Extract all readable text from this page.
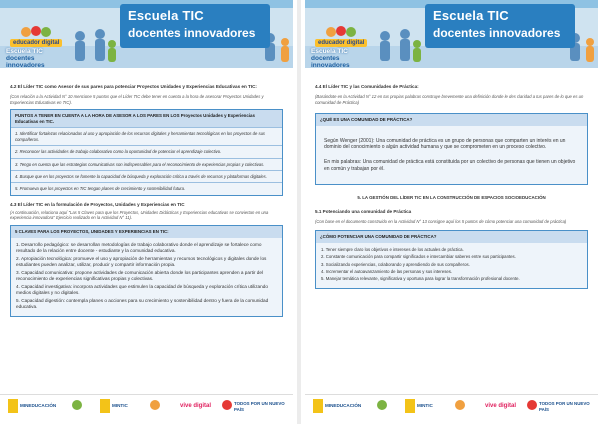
Escuela TIC
docentes innovadores
educador digital
Escuela TIC
docentes innovadores
4.2 El Líder TIC como Asesor de sus pares para potenciar Proyectos Unidades y Experiencias Educativas en TIC:
(Con relación a la Actividad N° 10 mencione 5 puntos que el Líder TIC debe tener en cuenta a la hora de asesorar Proyectos Unidades y Experiencias Educativas en TIC).
PUNTOS A TENER EN CUENTA A LA HORA DE ASESOR A LOS PARES EN LOS Proyectos Unidades y Experiencias Educativas en TIC.
1. Identificar fortalezas relacionadas al uso y apropiación de los recursos digitales y herramientas tecnológicas en los proyectos de sus compañeros.
2. Reconocer las actividades de trabajo colaborativo como la oportunidad de potenciar el aprendizaje colectivo.
3. Tengo en cuenta que las estrategias comunicativas son indispensables para el reconocimiento de experiencias propias y colectivas.
4. Busque que en los proyectos se fomente la capacidad de búsqueda y exploración crítica a través de recursos y plataformas digitales.
5. Promueva que los proyectos en TIC tengan planes de crecimiento y sostenibilidad futura.
4.3 El Líder TIC en la formulación de Proyectos, Unidades y Experiencias en TIC
(A continuación, relaciona aquí "Las 5 Claves para que los Proyectos, Unidades Didácticas y Experiencias educativas se conviertan en una experiencia innovadora" Ejercicio realizado en la Actividad N° 11).
5 CLAVES PARA LOS PROYECTOS, UNIDADES Y EXPERIENCIAS EN TIC:

1. Desarrollo pedagógico: se desarrollan metodologías de trabajo colaborativo donde el aprendizaje se fortalece como resultado de la relación entre docente - estudiante y la comunidad educativa.

2. Apropiación tecnológica: promueve el uso y apropiación de herramientas y recursos tecnológicos y digitales donde los estudiantes pueden analizar, utilizar, producir y compartir información propia.

3. Capacidad comunicativa: propone actividades de comunicación abierta donde los participantes aprenden a partir del reconocimiento de experiencias significativas propias y colectivas.

4. Capacidad investigativa: incorpora actividades que estimulen la capacidad de búsqueda y exploración crítica utilizando medios digitales y no digitales.

5. Capacidad digestión: contempla planes o acciones para su crecimiento y sostenibilidad dentro y fuera de la comunidad educativa.

MINEDUCACIÓN	MINTIC	vive digital	TODOS POR UN NUEVO PAÍS
Escuela TIC
docentes innovadores
educador digital
Escuela TIC
docentes innovadores
4.4 El Líder TIC y las Comunidades de Práctica:
(Basándote en la Actividad N° 12 en tus propias palabras construye brevemente una definición donde le des claridad a tus pares de lo que es un comunidad de Práctica)
¿QUÉ ES UNA COMUNIDAD DE PRÁCTICA?

Según Wenger (2001): Una comunidad de práctica es un grupo de personas que comparten un interés en un dominio del conocimiento o algún actividad humana y que se comprometen en un proceso colectivo.

En mis palabras: Una comunidad de práctica está constituida por un colectivo de personas que tienen un objetivo en común y trabajan por él.

5. LA GESTIÓN DEL LÍDER TIC EN LA CONSTRUCCIÓN DE ESPACIOS SOCIOEDUCACIÓN
5.1 Potenciando una comunidad de Práctica
(Con base en el documento construido en la Actividad N° 13 consigne aquí los 5 puntos de cómo potenciar una comunidad de práctica)
¿CÓMO POTENCIAR UNA COMUNIDAD DE PRÁCTICA?

1. Tener siempre claro los objetivos e intereses de los actuales de práctica.

2. Constante comunicación para compartir significados e intercambiar saberes entre sus participantes.

3. Socializando experiencias, colaborando y aprendiendo de sus compañeros.

4. Incrementar el autoavanzamiento de las personas y sus intereses.

5. Manejar temática relevante, significativa y oportuna para lograr la transformación profesional docente.

MINEDUCACIÓN	MINTIC	vive digital	TODOS POR UN NUEVO PAÍS
